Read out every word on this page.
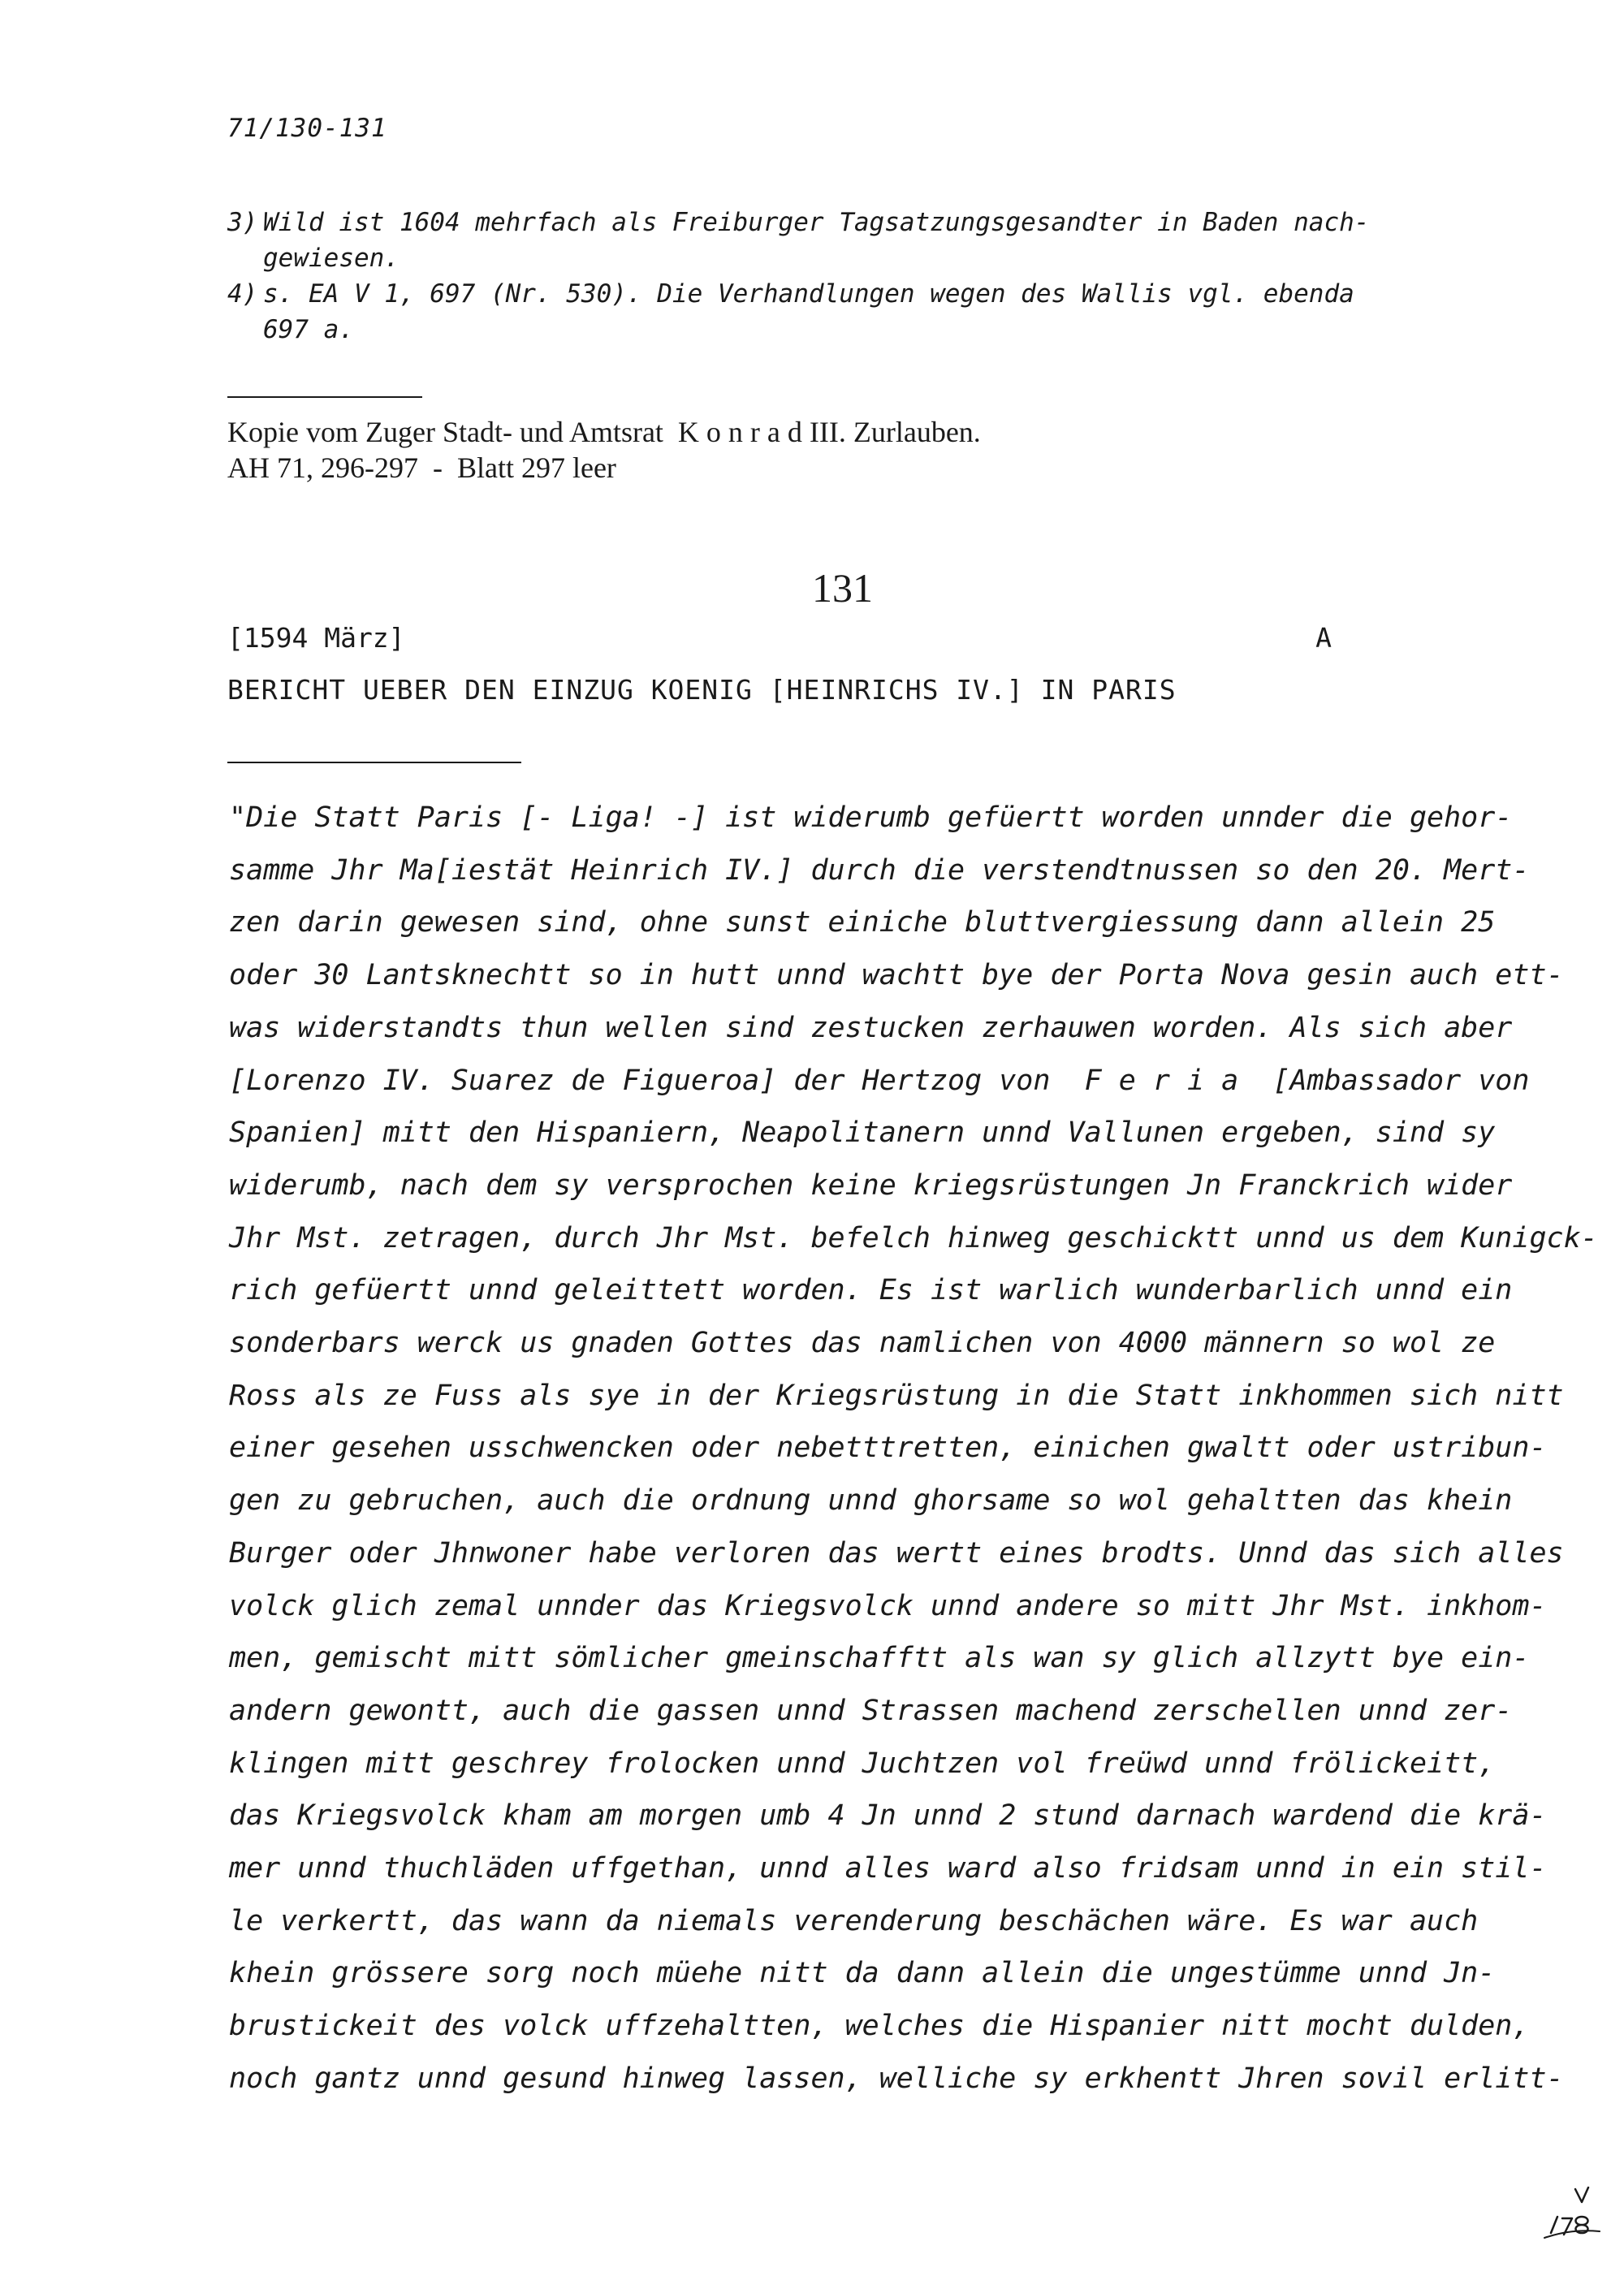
71/130-131
3) Wild ist 1604 mehrfach als Freiburger Tagsatzungsgesandter in Baden nach-
gewiesen.
4) s. EA V 1, 697 (Nr. 530). Die Verhandlungen wegen des Wallis vgl. ebenda
697 a.
Kopie vom Zuger Stadt- und Amtsrat  K o n r a d III. Zurlauben.
AH 71, 296-297  -  Blatt 297 leer
131
[1594 März]	A
BERICHT UEBER DEN EINZUG KOENIG [HEINRICHS IV.] IN PARIS
"Die Statt Paris [- Liga! -] ist widerumb gefüertt worden unnder die gehor-
samme Jhr Ma[iestät Heinrich IV.] durch die verstendtnussen so den 20. Mert-
zen darin gewesen sind, ohne sunst einiche bluttvergiessung dann allein 25
oder 30 Lantsknechtt so in hutt unnd wachtt bye der Porta Nova gesin auch ett-
was widerstandts thun wellen sind zestucken zerhauwen worden. Als sich aber
[Lorenzo IV. Suarez de Figueroa] der Hertzog von  F e r i a  [Ambassador von
Spanien] mitt den Hispaniern, Neapolitanern unnd Vallunen ergeben, sind sy
widerumb, nach dem sy versprochen keine kriegsrüstungen Jn Franckrich wider
Jhr Mst. zetragen, durch Jhr Mst. befelch hinweg geschicktt unnd us dem Kunigck-
rich gefüertt unnd geleittett worden. Es ist warlich wunderbarlich unnd ein
sonderbars werck us gnaden Gottes das namlichen von 4000 männern so wol ze
Ross als ze Fuss als sye in der Kriegsrüstung in die Statt inkhommen sich nitt
einer gesehen usschwencken oder nebetttretten, einichen gwaltt oder ustribun-
gen zu gebruchen, auch die ordnung unnd ghorsame so wol gehaltten das khein
Burger oder Jhnwoner habe verloren das wertt eines brodts. Unnd das sich alles
volck glich zemal unnder das Kriegsvolck unnd andere so mitt Jhr Mst. inkhom-
men, gemischt mitt sömlicher gmeinschafftt als wan sy glich allzytt bye ein-
andern gewontt, auch die gassen unnd Strassen machend zerschellen unnd zer-
klingen mitt geschrey frolocken unnd Juchtzen vol freüwd unnd frölickeitt,
das Kriegsvolck kham am morgen umb 4 Jn unnd 2 stund darnach wardend die krä-
mer unnd thuchläden uffgethan, unnd alles ward also fridsam unnd in ein stil-
le verkertt, das wann da niemals verenderung beschächen wäre. Es war auch
khein grössere sorg noch müehe nitt da dann allein die ungestümme unnd Jn-
brustickeit des volck uffzehaltten, welches die Hispanier nitt mocht dulden,
noch gantz unnd gesund hinweg lassen, welliche sy erkhentt Jhren sovil erlitt-
